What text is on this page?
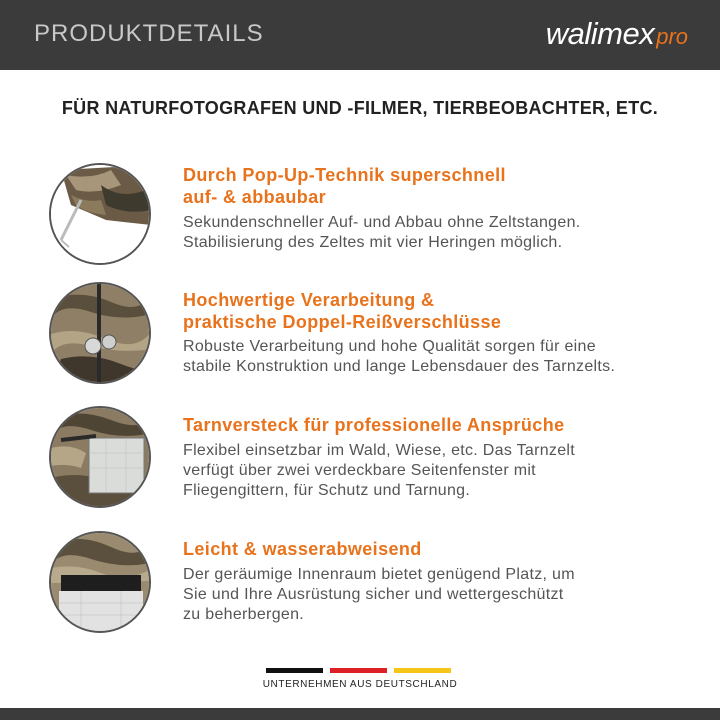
PRODUKTDETAILS	walimex pro
FÜR NATURFOTOGRAFEN UND -FILMER, TIERBEOBACHTER, ETC.
Durch Pop-Up-Technik superschnell
auf- & abbaubar
Sekundenschneller Auf- und Abbau ohne Zeltstangen.
Stabilisierung des Zeltes mit vier Heringen möglich.
Hochwertige Verarbeitung &
praktische Doppel-Reißverschlüsse
Robuste Verarbeitung und hohe Qualität sorgen für eine
stabile Konstruktion und lange Lebensdauer des Tarnzelts.
Tarnversteck für professionelle Ansprüche
Flexibel einsetzbar im Wald, Wiese, etc. Das Tarnzelt
verfügt über zwei verdeckbare Seitenfenster mit
Fliegengittern, für Schutz und Tarnung.
Leicht & wasserabweisend
Der geräumige Innenraum bietet genügend Platz, um
Sie und Ihre Ausrüstung sicher und wettergeschützt
zu beherbergen.
UNTERNEHMEN AUS DEUTSCHLAND
